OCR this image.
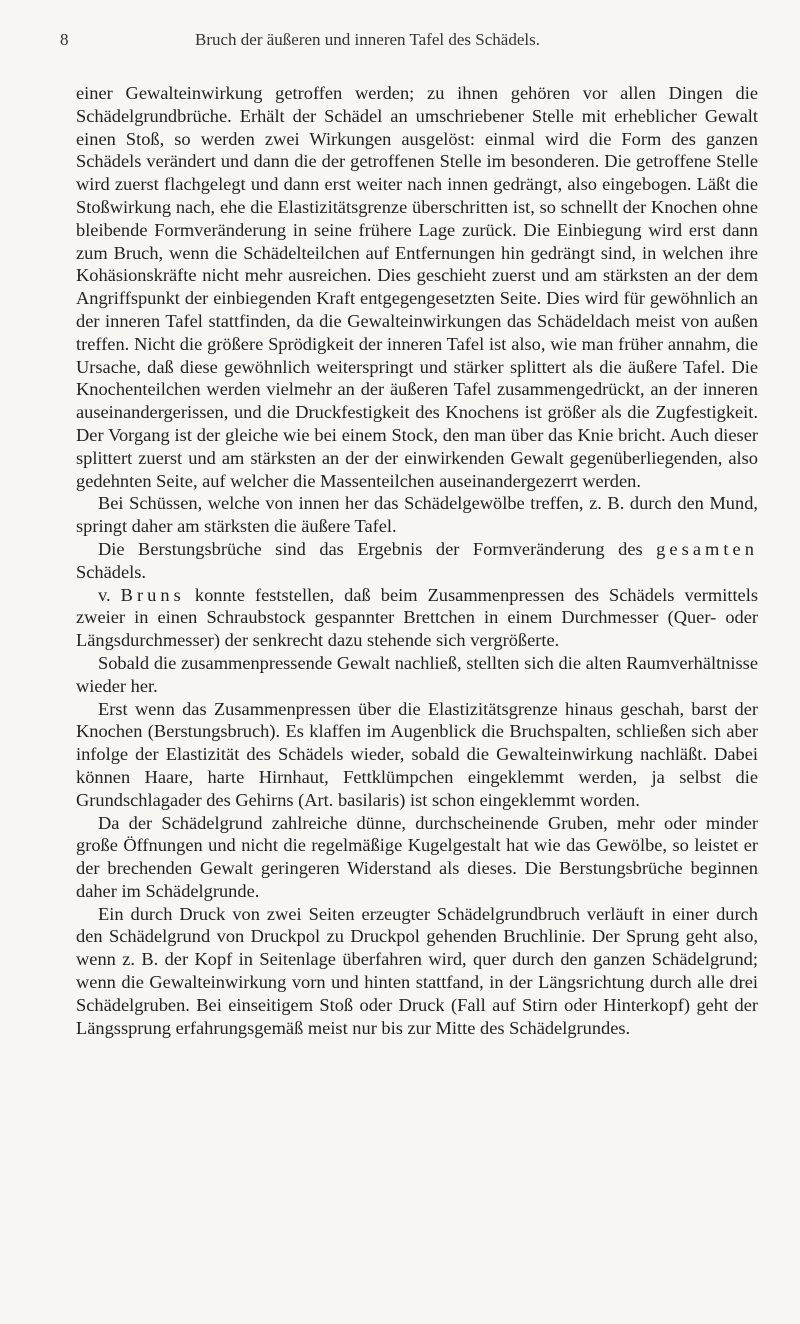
8	Bruch der äußeren und inneren Tafel des Schädels.

einer Gewalteinwirkung getroffen werden; zu ihnen gehören vor allen Dingen die Schädelgrundbrüche. Erhält der Schädel an umschriebener Stelle mit erheblicher Gewalt einen Stoß, so werden zwei Wirkungen ausgelöst: einmal wird die Form des ganzen Schädels verändert und dann die der getroffenen Stelle im besonderen. Die getroffene Stelle wird zuerst flachgelegt und dann erst weiter nach innen gedrängt, also eingebogen. Läßt die Stoßwirkung nach, ehe die Elastizitätsgrenze überschritten ist, so schnellt der Knochen ohne bleibende Formveränderung in seine frühere Lage zurück. Die Einbiegung wird erst dann zum Bruch, wenn die Schädelteilchen auf Entfernungen hin gedrängt sind, in welchen ihre Kohäsionskräfte nicht mehr ausreichen. Dies geschieht zuerst und am stärksten an der dem Angriffspunkt der einbiegenden Kraft entgegengesetzten Seite. Dies wird für gewöhnlich an der inneren Tafel stattfinden, da die Gewalteinwirkungen das Schädeldach meist von außen treffen. Nicht die größere Sprödigkeit der inneren Tafel ist also, wie man früher annahm, die Ursache, daß diese gewöhnlich weiterspringt und stärker splittert als die äußere Tafel. Die Knochenteilchen werden vielmehr an der äußeren Tafel zusammengedrückt, an der inneren auseinandergerissen, und die Druckfestigkeit des Knochens ist größer als die Zugfestigkeit. Der Vorgang ist der gleiche wie bei einem Stock, den man über das Knie bricht. Auch dieser splittert zuerst und am stärksten an der der einwirkenden Gewalt gegenüberliegenden, also gedehnten Seite, auf welcher die Massenteilchen auseinandergezerrt werden.

Bei Schüssen, welche von innen her das Schädelgewölbe treffen, z. B. durch den Mund, springt daher am stärksten die äußere Tafel.

Die Berstungsbrüche sind das Ergebnis der Formveränderung des gesamten Schädels.

v. Bruns konnte feststellen, daß beim Zusammenpressen des Schädels vermittels zweier in einen Schraubstock gespannter Brettchen in einem Durchmesser (Quer- oder Längsdurchmesser) der senkrecht dazu stehende sich vergrößerte.

Sobald die zusammenpressende Gewalt nachließ, stellten sich die alten Raumverhältnisse wieder her.

Erst wenn das Zusammenpressen über die Elastizitätsgrenze hinaus geschah, barst der Knochen (Berstungsbruch). Es klaffen im Augenblick die Bruchspalten, schließen sich aber infolge der Elastizität des Schädels wieder, sobald die Gewalteinwirkung nachläßt. Dabei können Haare, harte Hirnhaut, Fettklümpchen eingeklemmt werden, ja selbst die Grundschlagader des Gehirns (Art. basilaris) ist schon eingeklemmt worden.

Da der Schädelgrund zahlreiche dünne, durchscheinende Gruben, mehr oder minder große Öffnungen und nicht die regelmäßige Kugelgestalt hat wie das Gewölbe, so leistet er der brechenden Gewalt geringeren Widerstand als dieses. Die Berstungsbrüche beginnen daher im Schädelgrunde.

Ein durch Druck von zwei Seiten erzeugter Schädelgrundbruch verläuft in einer durch den Schädelgrund von Druckpol zu Druckpol gehenden Bruchlinie. Der Sprung geht also, wenn z. B. der Kopf in Seitenlage überfahren wird, quer durch den ganzen Schädelgrund; wenn die Gewalteinwirkung vorn und hinten stattfand, in der Längsrichtung durch alle drei Schädelgruben. Bei einseitigem Stoß oder Druck (Fall auf Stirn oder Hinterkopf) geht der Längssprung erfahrungsgemäß meist nur bis zur Mitte des Schädelgrundes.
